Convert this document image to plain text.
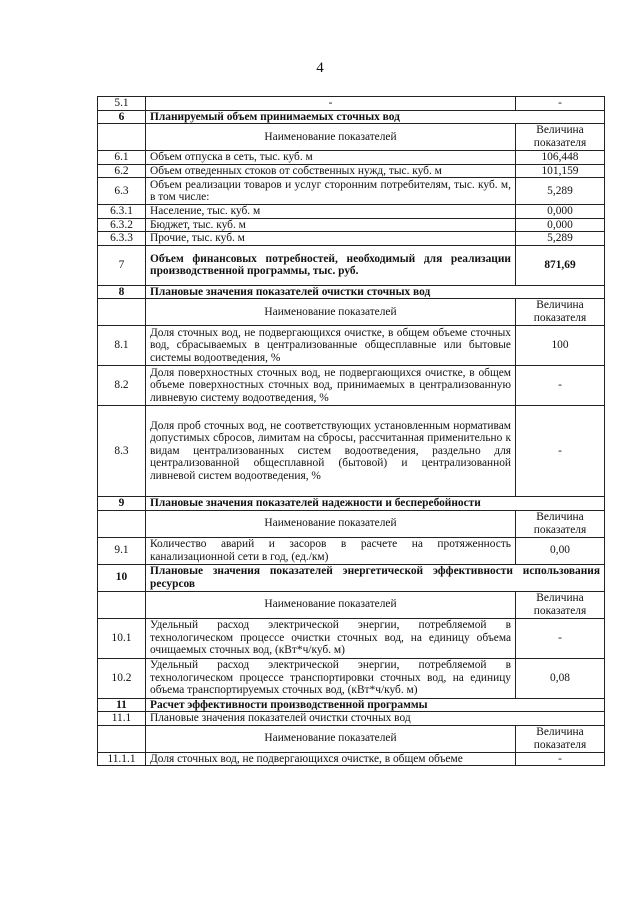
4
5.1	-	-
6	Планируемый объем принимаемых сточных вод	
	Наименование показателей	Величина показателя
6.1	Объем отпуска в сеть, тыс. куб. м	106,448
6.2	Объем отведенных стоков от собственных нужд, тыс. куб. м	101,159
6.3	Объем реализации товаров и услуг сторонним потребителям, тыс. куб. м, в том числе:	5,289
6.3.1	Население, тыс. куб. м	0,000
6.3.2	Бюджет, тыс. куб. м	0,000
6.3.3	Прочие, тыс. куб. м	5,289
7	Объем финансовых потребностей, необходимый для реализации производственной программы, тыс. руб.	871,69
8	Плановые значения показателей очистки сточных вод	
	Наименование показателей	Величина показателя
8.1	Доля сточных вод, не подвергающихся очистке, в общем объеме сточных вод, сбрасываемых в централизованные общесплавные или бытовые системы водоотведения, %	100
8.2	Доля поверхностных сточных вод, не подвергающихся очистке, в общем объеме поверхностных сточных вод, принимаемых в централизованную ливневую систему водоотведения, %	-
8.3	Доля проб сточных вод, не соответствующих установленным нормативам допустимых сбросов, лимитам на сбросы, рассчитанная применительно к видам централизованных систем водоотведения, раздельно для централизованной общесплавной (бытовой) и централизованной ливневой систем водоотведения, %	-
9	Плановые значения показателей надежности и бесперебойности	
	Наименование показателей	Величина показателя
9.1	Количество аварий и засоров в расчете на протяженность канализационной сети в год, (ед./км)	0,00
10	Плановые значения показателей энергетической эффективности использования ресурсов	
	Наименование показателей	Величина показателя
10.1	Удельный расход электрической энергии, потребляемой в технологическом процессе очистки сточных вод, на единицу объема очищаемых сточных вод, (кВт*ч/куб. м)	-
10.2	Удельный расход электрической энергии, потребляемой в технологическом процессе транспортировки сточных вод, на единицу объема транспортируемых сточных вод, (кВт*ч/куб. м)	0,08
11	Расчет эффективности производственной программы	
11.1	Плановые значения показателей очистки сточных вод	
	Наименование показателей	Величина показателя
11.1.1	Доля сточных вод, не подвергающихся очистке, в общем объеме	-
